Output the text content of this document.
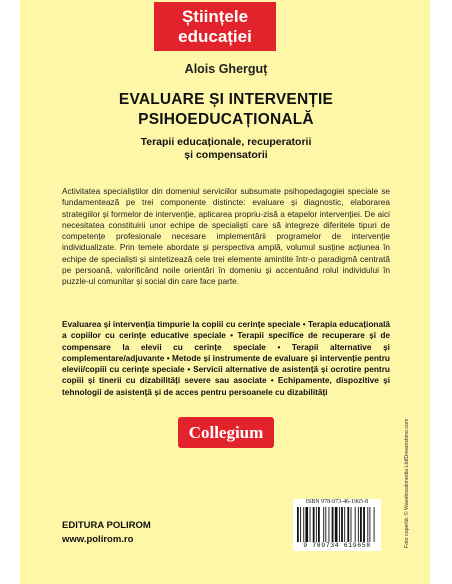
Științele
educației
Alois Gherguț
EVALUARE ȘI INTERVENȚIE
PSIHOEDUCAȚIONALĂ
Terapii educaționale, recuperatorii
și compensatorii
Activitatea specialiștilor din domeniul serviciilor subsumate psihopedagogiei speciale se fundamentează pe trei componente distincte: evaluare și diagnostic, elaborarea strategiilor și formelor de intervenție, aplicarea propriu-zisă a etapelor intervenției. De aici necesitatea constituirii unor echipe de specialiști care să integreze diferitele tipuri de competențe profesionale necesare implementării programelor de intervenție individualizate. Prin temele abordate și perspectiva amplă, volumul susține acțiunea în echipe de specialiști și sintetizează cele trei elemente amintite într-o paradigmă centrată pe persoană, valorificând noile orientări în domeniu și accentuând rolul individului în puzzle-ul comunitar și social din care face parte.
Evaluarea și intervenția timpurie la copiii cu cerințe speciale • Terapia educațională a copiilor cu cerințe educative speciale • Terapii specifice de recuperare și de compensare la elevii cu cerințe speciale • Terapii alternative și complementare/adjuvante • Metode și instrumente de evaluare și intervenție pentru elevii/copiii cu cerințe speciale • Servicii alternative de asistență și ocrotire pentru copiii și tinerii cu dizabilități severe sau asociate • Echipamente, dispozitive și tehnologii de asistență și de acces pentru persoanele cu dizabilități
Collegium	Foto copertă: © Wavebreakmedia Ltd/Dreamstime.com
EDITURA POLIROM
www.polirom.ro
ISBN 978-973-46-1965-8
9 789734 619658
